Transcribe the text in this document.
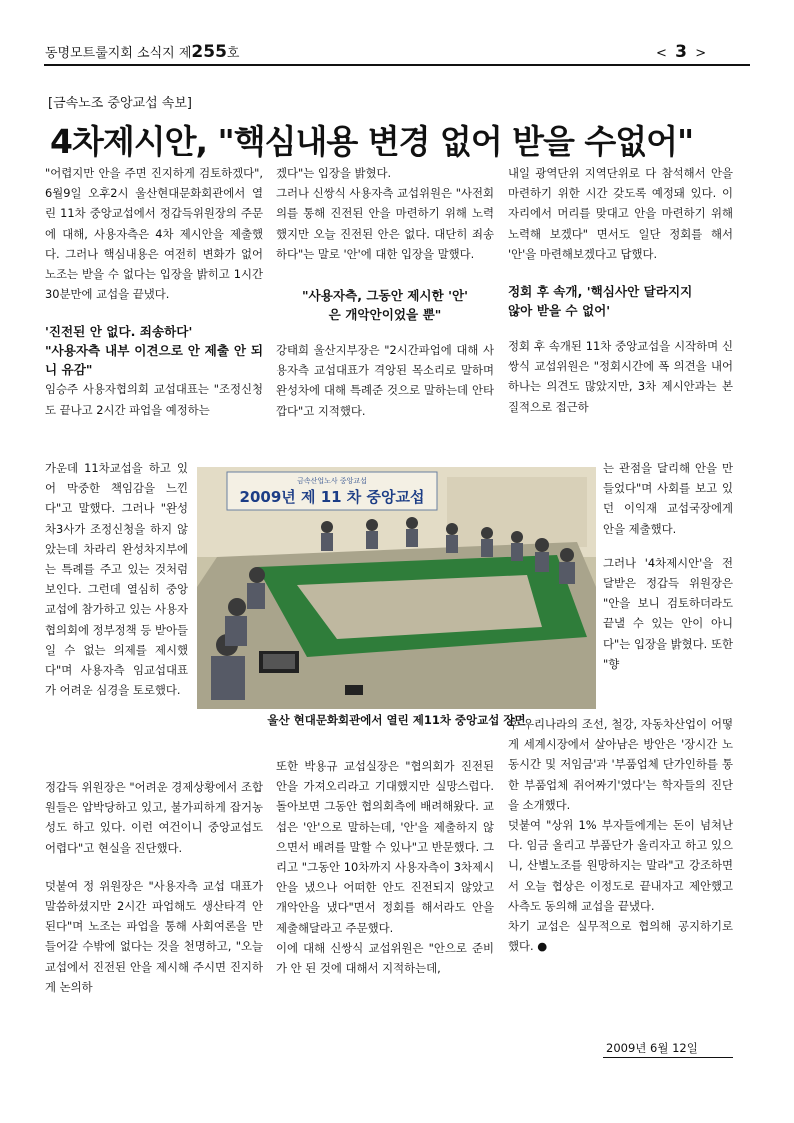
동명모트룰지회 소식지 제255호	< 3 >
[금속노조 중앙교섭 속보]
4차제시안, "핵심내용 변경 없어 받을 수없어"

"어렵지만 안을 주면 진지하게 검토하겠다", 6월9일 오후2시 울산현대문화회관에서 열린 11차 중앙교섭에서 정갑득위원장의 주문에 대해, 사용자측은 4차 제시안을 제출했다. 그러나 핵심내용은 여전히 변화가 없어 노조는 받을 수 없다는 입장을 밝히고 1시간30분만에 교섭을 끝냈다.

'진전된 안 없다. 죄송하다'

"사용자측 내부 이견으로 안 제출 안 되니 유감"

임승주 사용자협의회 교섭대표는 "조정신청도 끝나고 2시간 파업을 예정하는

가운데 11차교섭을 하고 있어 막중한 책임감을 느낀다"고 말했다. 그러나 "완성차3사가 조정신청을 하지 않았는데 차라리 완성차지부에는 특례를 주고 있는 것처럼 보인다. 그런데 열심히 중앙교섭에 참가하고 있는 사용자협의회에 정부정책 등 받아들일 수 없는 의제를 제시했다"며 사용자측 임교섭대표가 어려운 심경을 토로했다.

정갑득 위원장은 "어려운 경제상황에서 조합원들은 압박당하고 있고, 불가피하게 잡거농성도 하고 있다. 이런 여건이니 중앙교섭도 어렵다"고 현실을 진단했다.

덧붙여 정 위원장은 "사용자측 교섭 대표가 말씀하셨지만 2시간 파업해도 생산타격 안 된다"며 노조는 파업을 통해 사회여론을 만들어갈 수밖에 없다는 것을 천명하고, "오늘 교섭에서 진전된 안을 제시해 주시면 진지하게 논의하

겠다"는 입장을 밝혔다.

그러나 신쌍식 사용자측 교섭위원은 "사전회의를 통해 진전된 안을 마련하기 위해 노력했지만 오늘 진전된 안은 없다. 대단히 죄송하다"는 말로 '안'에 대한 입장을 말했다.

"사용자측, 그동안 제시한 '안'

은 개악안이었을 뿐"

강태희 울산지부장은 "2시간파업에 대해 사용자측 교섭대표가 격앙된 목소리로 말하며 완성차에 대해 특례준 것으로 말하는데 안타깝다"고 지적했다.

또한 박용규 교섭실장은 "협의회가 진전된 안을 가져오리라고 기대했지만 실망스럽다. 돌아보면 그동안 협의회측에 배려해왔다. 교섭은 '안'으로 말하는데, '안'을 제출하지 않으면서 배려를 말할 수 있나"고 반문했다. 그리고 "그동안 10차까지 사용자측이 3차제시안을 냈으나 어떠한 안도 진전되지 않았고 개악안을 냈다"면서 정회를 해서라도 안을 제출해달라고 주문했다.

이에 대해 신쌍식 교섭위원은 "안으로 준비가 안 된 것에 대해서 지적하는데,

내일 광역단위 지역단위로 다 참석해서 안을 마련하기 위한 시간 갖도록 예정돼 있다. 이 자리에서 머리를 맞대고 안을 마련하기 위해 노력해 보겠다" 면서도 일단 정회를 해서 '안'을 마련해보겠다고 답했다.

정회 후 속개, '핵심사안 달라지지

않아 받을 수 없어'

정회 후 속개된 11차 중앙교섭을 시작하며 신쌍식 교섭위원은 "정회시간에 폭 의견을 내어하나는 의견도 많았지만, 3차 제시안과는 본질적으로 접근하

는 관점을 달리해 안을 만들었다"며 사회를 보고 있던 이익재 교섭국장에게 안을 제출했다.

그러나 '4차제시안'을 전달받은 정갑득 위원장은 "안을 보니 검토하더라도 끝낼 수 있는 안이 아니다"는 입장을 밝혔다. 또한 "향

후 우리나라의 조선, 철강, 자동차산업이 어떻게 세계시장에서 살아남은 방안은 '장시간 노동시간 및 저임금'과 '부품업체 단가인하를 통한 부품업체 쥐어짜기'였다'는 학자들의 진단을 소개했다.

덧붙여 "상위 1% 부자들에게는 돈이 넘쳐난다. 임금 올리고 부품단가 올리자고 하고 있으니, 산별노조를 원망하지는 말라"고 강조하면서 오늘 협상은 이정도로 끝내자고 제안했고 사측도 동의해 교섭을 끝냈다.

차기 교섭은 실무적으로 협의해 공지하기로 했다. ●

금속산업노사 중앙교섭
2009년 제 11 차 중앙교섭
울산 현대문화회관에서 열린 제11차 중앙교섭 장면
2009년 6월 12일
